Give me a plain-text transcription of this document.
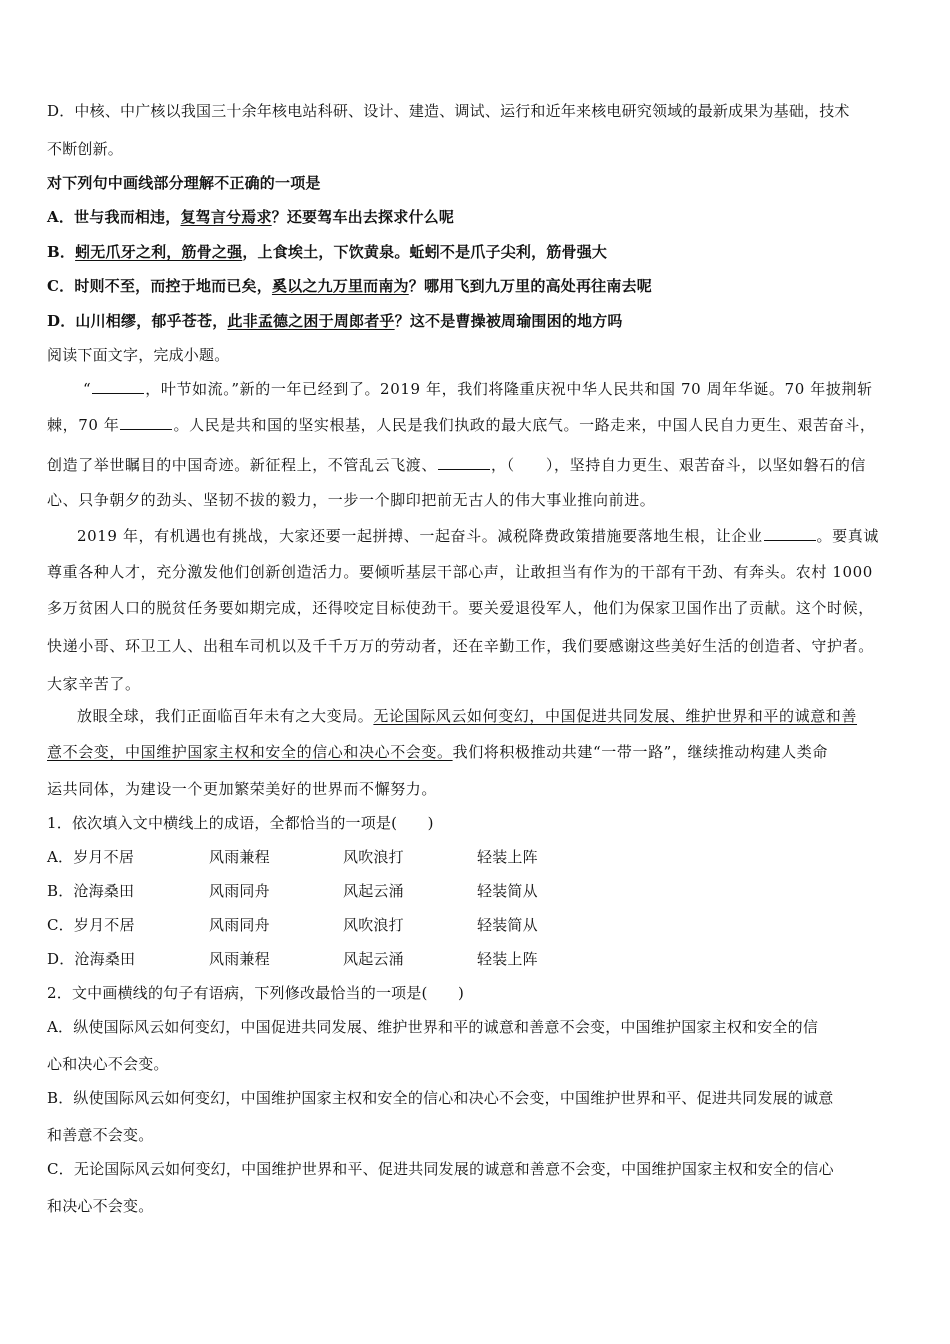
D．中核、中广核以我国三十余年核电站科研、设计、建造、调试、运行和近年来核电研究领域的最新成果为基础，技术
不断创新。
对下列句中画线部分理解不正确的一项是
A．世与我而相违，复驾言兮焉求？还要驾车出去探求什么呢
B．蚓无爪牙之利，筋骨之强，上食埃土，下饮黄泉。蚯蚓不是爪子尖利，筋骨强大
C．时则不至，而控于地而已矣，奚以之九万里而南为？哪用飞到九万里的高处再往南去呢
D．山川相缪，郁乎苍苍，此非孟德之困于周郎者乎？这不是曹操被周瑜围困的地方吗
阅读下面文字，完成小题。
“	，叶节如流。”新的一年已经到了。2019 年，我们将隆重庆祝中华人民共和国 70 周年华诞。70 年披荆斩
棘，70 年	。人民是共和国的坚实根基，人民是我们执政的最大底气。一路走来，中国人民自力更生、艰苦奋斗，
创造了举世瞩目的中国奇迹。新征程上，不管乱云飞渡、	，（　　），坚持自力更生、艰苦奋斗，以坚如磐石的信
心、只争朝夕的劲头、坚韧不拔的毅力，一步一个脚印把前无古人的伟大事业推向前进。
2019 年，有机遇也有挑战，大家还要一起拼搏、一起奋斗。减税降费政策措施要落地生根，让企业	。要真诚
尊重各种人才，充分激发他们创新创造活力。要倾听基层干部心声，让敢担当有作为的干部有干劲、有奔头。农村 1000
多万贫困人口的脱贫任务要如期完成，还得咬定目标使劲干。要关爱退役军人，他们为保家卫国作出了贡献。这个时候，
快递小哥、环卫工人、出租车司机以及千千万万的劳动者，还在辛勤工作，我们要感谢这些美好生活的创造者、守护者。
大家辛苦了。
放眼全球，我们正面临百年未有之大变局。无论国际风云如何变幻，中国促进共同发展、维护世界和平的诚意和善
意不会变，中国维护国家主权和安全的信心和决心不会变。我们将积极推动共建“一带一路”，继续推动构建人类命
运共同体，为建设一个更加繁荣美好的世界而不懈努力。
1．依次填入文中横线上的成语，全都恰当的一项是(　　)
A．岁月不居	风雨兼程	风吹浪打	轻装上阵
B．沧海桑田	风雨同舟	风起云涌	轻装简从
C．岁月不居	风雨同舟	风吹浪打	轻装简从
D．沧海桑田	风雨兼程	风起云涌	轻装上阵
2．文中画横线的句子有语病，下列修改最恰当的一项是(　　)
A．纵使国际风云如何变幻，中国促进共同发展、维护世界和平的诚意和善意不会变，中国维护国家主权和安全的信
心和决心不会变。
B．纵使国际风云如何变幻，中国维护国家主权和安全的信心和决心不会变，中国维护世界和平、促进共同发展的诚意
和善意不会变。
C．无论国际风云如何变幻，中国维护世界和平、促进共同发展的诚意和善意不会变，中国维护国家主权和安全的信心
和决心不会变。
